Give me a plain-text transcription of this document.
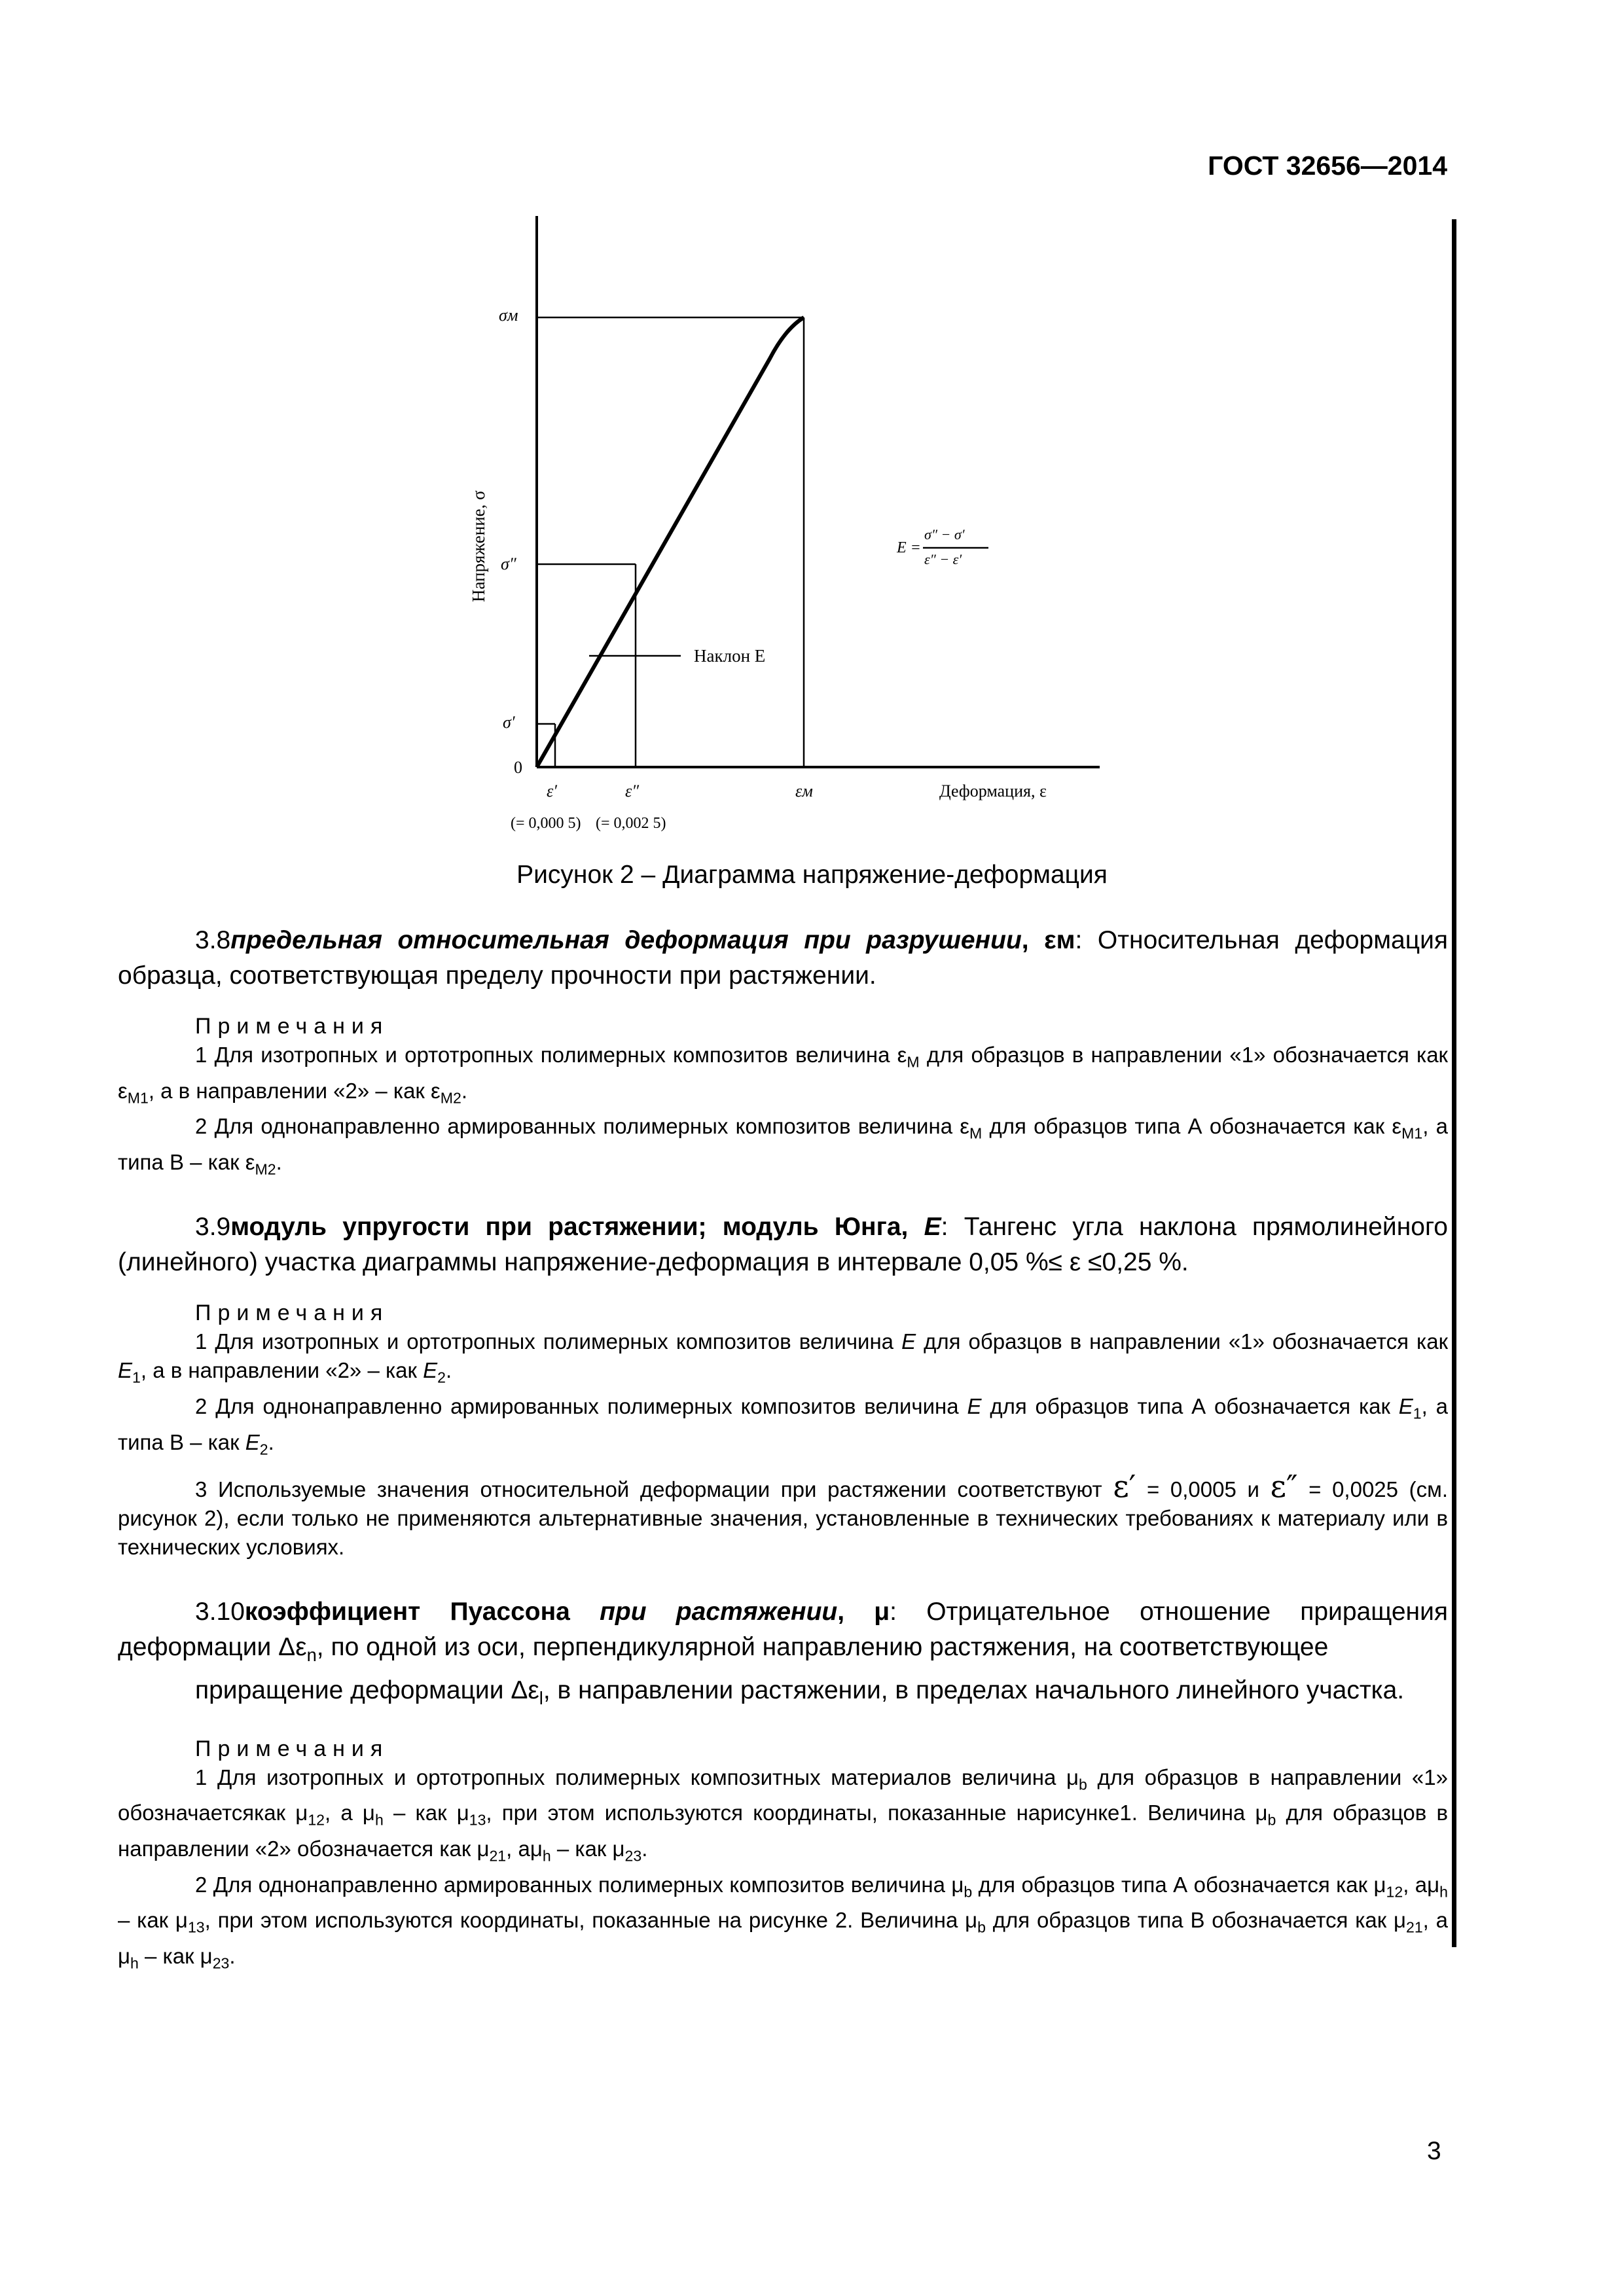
ГОСТ 32656—2014
σм
σ″
σ′
0
ε′	ε″	εм
(= 0,000 5) (= 0,002 5)
Напряжение, σ
Деформация, ε
Наклон Е
E =
σ″ − σ′
ε″ − ε′
Рисунок 2 – Диаграмма напряжение-деформация

3.8предельная относительная деформация при разрушении, εм: Относительная деформация образца, соответствующая пределу прочности при растяжении.

Примечания

1 Для изотропных и ортотропных полимерных композитов величина $\varepsilon_М$ для образцов в направлении «1» обозначается как $\varepsilon_{М1}$, а в направлении «2» – как $\varepsilon_{М2}$.

2 Для однонаправленно армированных полимерных композитов величина $\varepsilon_М$ для образцов типа А обозначается как $\varepsilon_{М1}$, а типа В – как $\varepsilon_{М2}$.

3.9модуль упругости при растяжении; модуль Юнга, E: Тангенс угла наклона прямолинейного (линейного) участка диаграммы напряжение-деформация в интервале 0,05 %≤ ε ≤0,25 %.

Примечания

1 Для изотропных и ортотропных полимерных композитов величина E для образцов в направлении «1» обозначается как $E_1$, а в направлении «2» – как $E_2$.

2 Для однонаправленно армированных полимерных композитов величина E для образцов типа А обозначается как $E_1$, а типа В – как $E_2$.

3 Используемые значения относительной деформации при растяжении соответствуют ε′ = 0,0005 и ε″ = 0,0025 (см. рисунок 2), если только не применяются альтернативные значения, установленные в технических требованиях к материалу или в технических условиях.

3.10коэффициент Пуассона при растяжении, μ: Отрицательное отношение приращения деформации $\Delta\varepsilon_n$, по одной из оси, перпендикулярной направлению растяжения, на соответствующее

приращение деформации $\Delta\varepsilon_l$, в направлении растяжении, в пределах начального линейного участка.

Примечания

1 Для изотропных и ортотропных полимерных композитных материалов величина $\mu_b$ для образцов в направлении «1» обозначаетсякак $\mu_{12}$, а $\mu_h$ – как $\mu_{13}$, при этом используются координаты, показанные нарисунке1. Величина $\mu_b$ для образцов в направлении «2» обозначается как $\mu_{21}$, $а\mu_h$ – как $\mu_{23}$.

2 Для однонаправленно армированных полимерных композитов величина $\mu_b$ для образцов типа А обозначается как $\mu_{12}$, $а\mu_h$ – как $\mu_{13}$, при этом используются координаты, показанные на рисунке 2. Величина $\mu_b$ для образцов типа В обозначается как $\mu_{21}$, а $\mu_h$ – как $\mu_{23}$.

3
